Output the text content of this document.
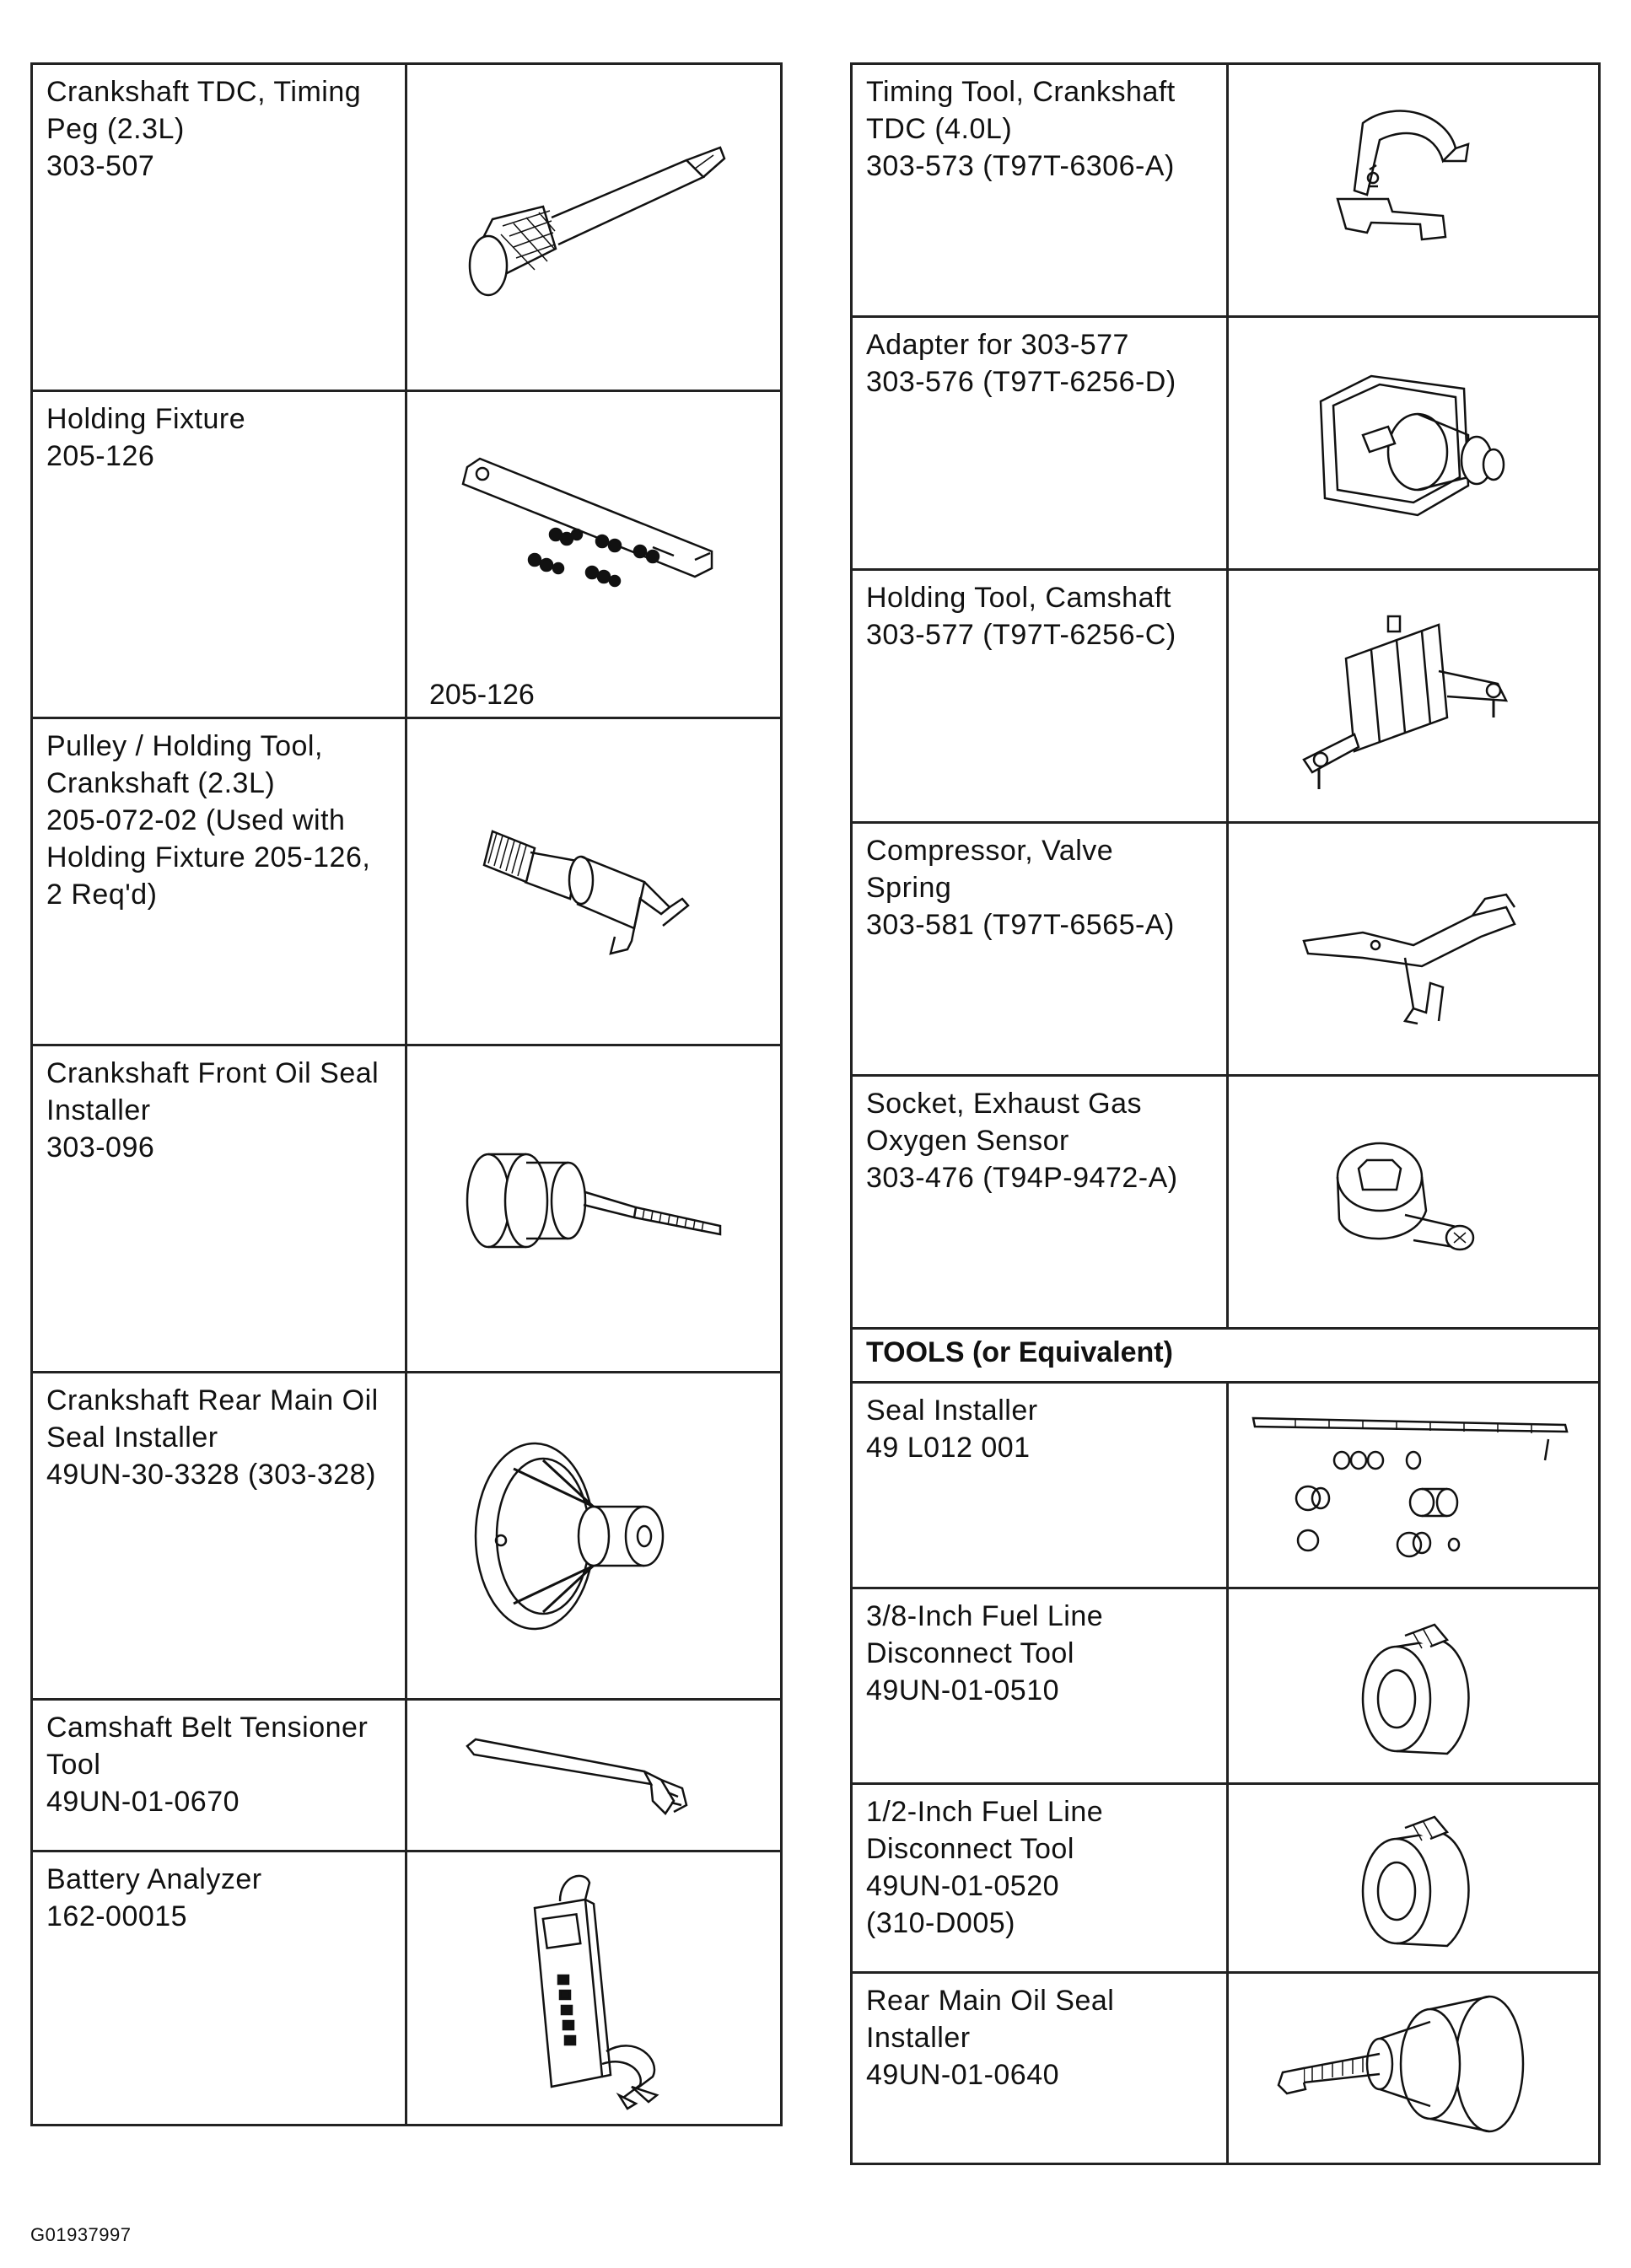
Crankshaft TDC, Timing
Peg (2.3L)
303-507
Holding Fixture
205-126
205-126
Pulley / Holding Tool,
Crankshaft (2.3L)
205-072-02 (Used with
Holding Fixture 205-126,
2 Req'd)
Crankshaft Front Oil Seal
Installer
303-096
Crankshaft Rear Main Oil
Seal Installer
49UN-30-3328 (303-328)
Camshaft Belt Tensioner
Tool
49UN-01-0670
Battery Analyzer
162-00015
Timing Tool, Crankshaft
TDC (4.0L)
303-573 (T97T-6306-A)
Adapter for 303-577
303-576 (T97T-6256-D)
Holding Tool, Camshaft
303-577 (T97T-6256-C)
Compressor, Valve
Spring
303-581 (T97T-6565-A)
Socket, Exhaust Gas
Oxygen Sensor
303-476 (T94P-9472-A)
TOOLS (or Equivalent)
Seal Installer
49 L012 001
3/8-Inch Fuel Line
Disconnect Tool
49UN-01-0510
1/2-Inch Fuel Line
Disconnect Tool
49UN-01-0520
(310-D005)
Rear Main Oil Seal
Installer
49UN-01-0640
G01937997
